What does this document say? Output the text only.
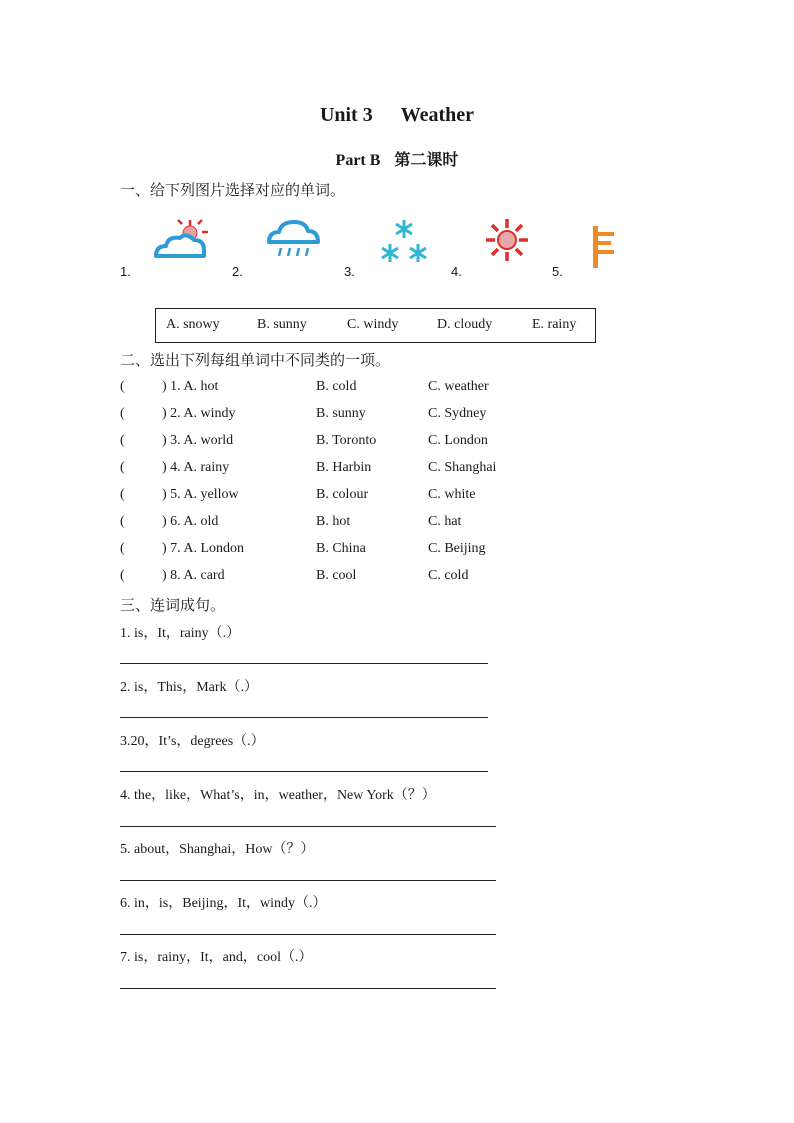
Unit 3 Weather
Part B 第二课时
一、给下列图片选择对应的单词。
1.	2.	3.	4.	5.
A. snowy	B. sunny	C. windy	D. cloudy	E. rainy
二、选出下列每组单词中不同类的一项。
(	) 1. A. hot	B. cold	C. weather
(	) 2. A. windy	B. sunny	C. Sydney
(	) 3. A. world	B. Toronto	C. London
(	) 4. A. rainy	B. Harbin	C. Shanghai
(	) 5. A. yellow	B. colour	C. white
(	) 6. A. old	B. hot	C. hat
(	) 7. A. London	B. China	C. Beijing
(	) 8. A. card	B. cool	C. cold
三、连词成句。
1. is，It，rainy（.）
2. is，This，Mark（.）
3.20，It’s，degrees（.）
4. the，like，What’s，in，weather，New York（？）
5. about，Shanghai，How（？）
6. in，is，Beijing，It，windy（.）
7. is，rainy，It，and，cool（.）
